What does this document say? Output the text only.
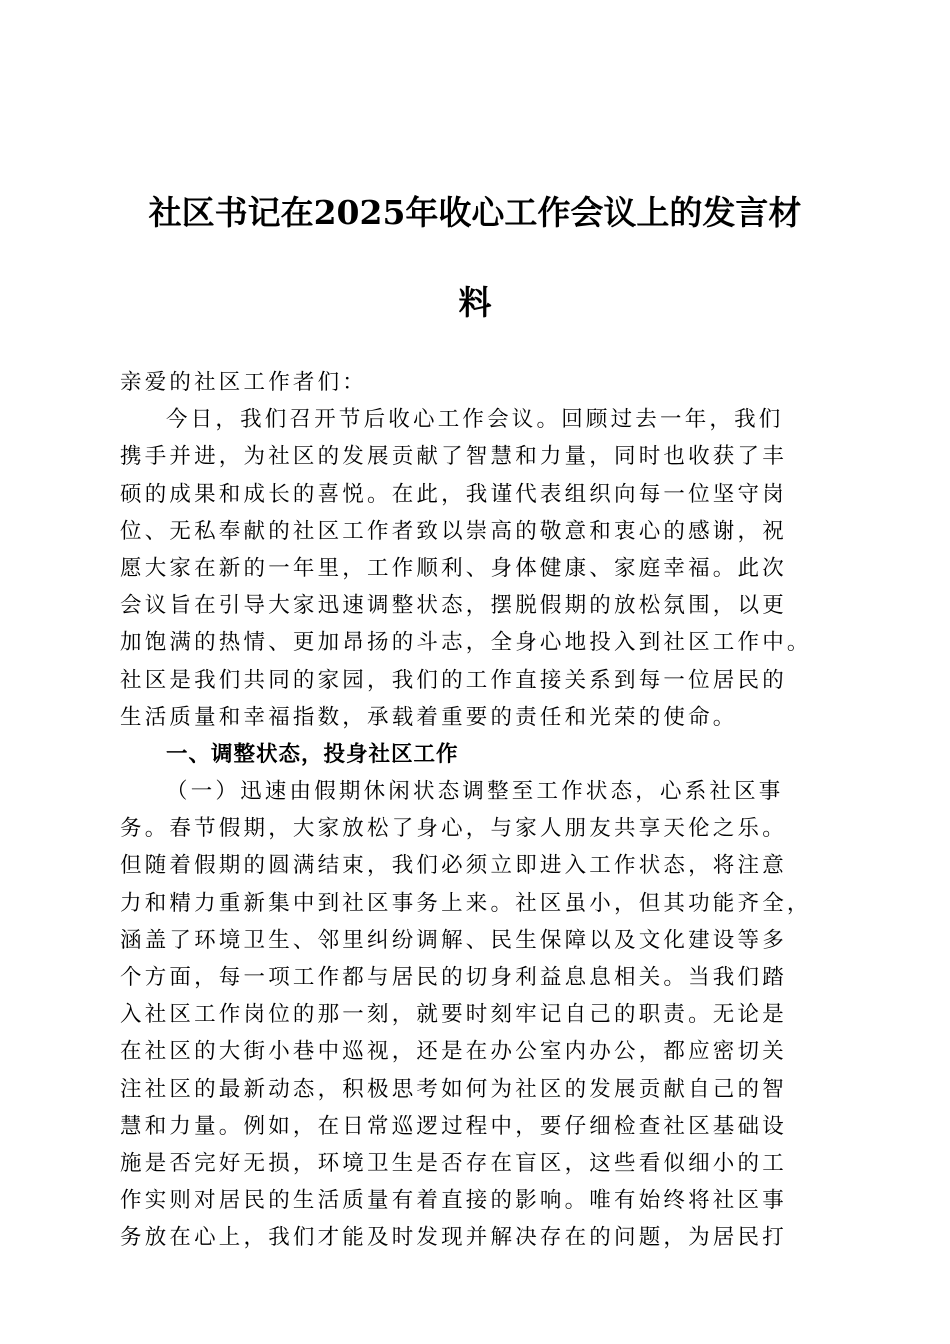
社区书记在2025年收心工作会议上的发言材
料
亲爱的社区工作者们：
今日，我们召开节后收心工作会议。回顾过去一年，我们
携手并进，为社区的发展贡献了智慧和力量，同时也收获了丰
硕的成果和成长的喜悦。在此，我谨代表组织向每一位坚守岗
位、无私奉献的社区工作者致以崇高的敬意和衷心的感谢，祝
愿大家在新的一年里，工作顺利、身体健康、家庭幸福。此次
会议旨在引导大家迅速调整状态，摆脱假期的放松氛围，以更
加饱满的热情、更加昂扬的斗志，全身心地投入到社区工作中。
社区是我们共同的家园，我们的工作直接关系到每一位居民的
生活质量和幸福指数，承载着重要的责任和光荣的使命。
一、调整状态，投身社区工作
（一）迅速由假期休闲状态调整至工作状态，心系社区事
务。春节假期，大家放松了身心，与家人朋友共享天伦之乐。
但随着假期的圆满结束，我们必须立即进入工作状态，将注意
力和精力重新集中到社区事务上来。社区虽小，但其功能齐全，
涵盖了环境卫生、邻里纠纷调解、民生保障以及文化建设等多
个方面，每一项工作都与居民的切身利益息息相关。当我们踏
入社区工作岗位的那一刻，就要时刻牢记自己的职责。无论是
在社区的大街小巷中巡视，还是在办公室内办公，都应密切关
注社区的最新动态，积极思考如何为社区的发展贡献自己的智
慧和力量。例如，在日常巡逻过程中，要仔细检查社区基础设
施是否完好无损，环境卫生是否存在盲区，这些看似细小的工
作实则对居民的生活质量有着直接的影响。唯有始终将社区事
务放在心上，我们才能及时发现并解决存在的问题，为居民打
